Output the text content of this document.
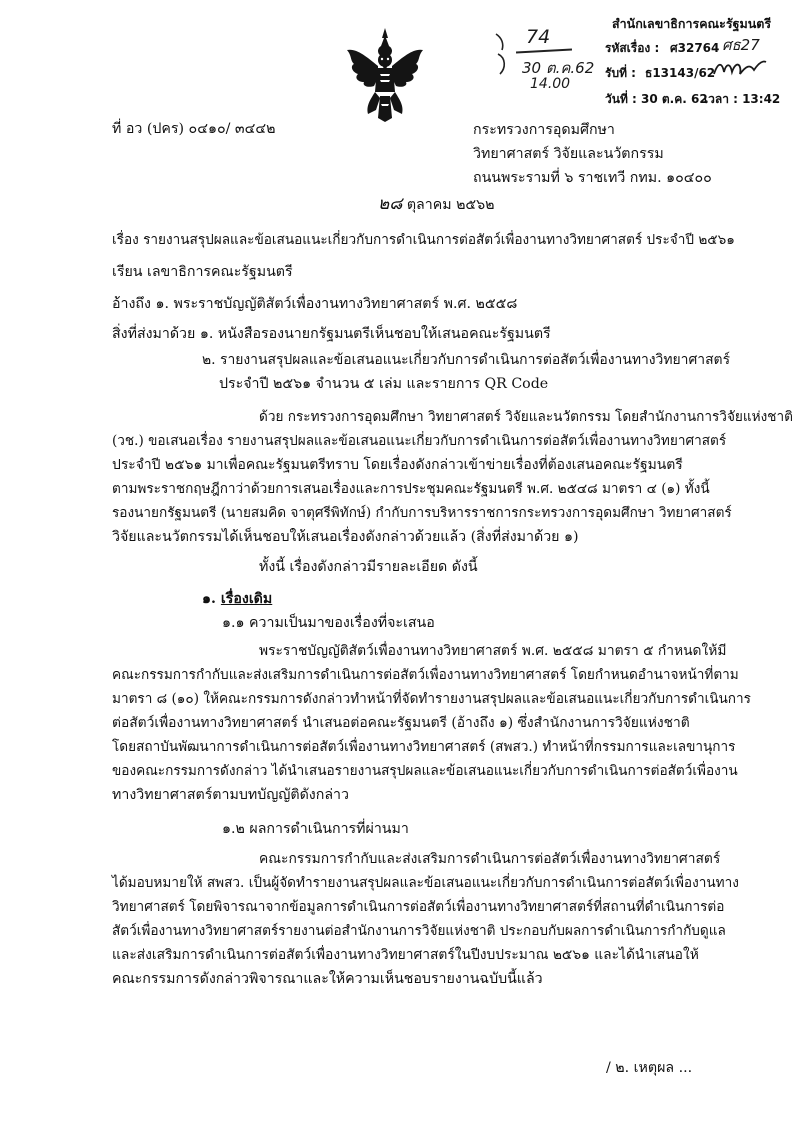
74
30 ต.ค.62
14.00
สำนักเลขาธิการคณะรัฐมนตรี
รหัสเรื่อง : ศ32764 ศธ27
รับที่ : ธ13143/62
วันที่ : 30 ต.ค. 62
เวลา : 13:42
ที่ อว (ปคร) ๐๔๑๐/ ๓๔๔๒	กระทรวงการอุดมศึกษา
วิทยาศาสตร์ วิจัยและนวัตกรรม
ถนนพระรามที่ ๖ ราชเทวี กทม. ๑๐๔๐๐
๒๘ ตุลาคม ๒๕๖๒
เรื่อง รายงานสรุปผลและข้อเสนอแนะเกี่ยวกับการดำเนินการต่อสัตว์เพื่องานทางวิทยาศาสตร์ ประจำปี ๒๕๖๑
เรียน เลขาธิการคณะรัฐมนตรี
อ้างถึง ๑. พระราชบัญญัติสัตว์เพื่องานทางวิทยาศาสตร์ พ.ศ. ๒๕๕๘
สิ่งที่ส่งมาด้วย ๑. หนังสือรองนายกรัฐมนตรีเห็นชอบให้เสนอคณะรัฐมนตรี
๒. รายงานสรุปผลและข้อเสนอแนะเกี่ยวกับการดำเนินการต่อสัตว์เพื่องานทางวิทยาศาสตร์
ประจำปี ๒๕๖๑ จำนวน ๕ เล่ม และรายการ QR Code
ด้วย กระทรวงการอุดมศึกษา วิทยาศาสตร์ วิจัยและนวัตกรรม โดยสำนักงานการวิจัยแห่งชาติ
(วช.) ขอเสนอเรื่อง รายงานสรุปผลและข้อเสนอแนะเกี่ยวกับการดำเนินการต่อสัตว์เพื่องานทางวิทยาศาสตร์
ประจำปี ๒๕๖๑ มาเพื่อคณะรัฐมนตรีทราบ โดยเรื่องดังกล่าวเข้าข่ายเรื่องที่ต้องเสนอคณะรัฐมนตรี
ตามพระราชกฤษฎีกาว่าด้วยการเสนอเรื่องและการประชุมคณะรัฐมนตรี พ.ศ. ๒๕๔๘ มาตรา ๔ (๑) ทั้งนี้
รองนายกรัฐมนตรี (นายสมคิด จาตุศรีพิทักษ์) กำกับการบริหารราชการกระทรวงการอุดมศึกษา วิทยาศาสตร์
วิจัยและนวัตกรรมได้เห็นชอบให้เสนอเรื่องดังกล่าวด้วยแล้ว (สิ่งที่ส่งมาด้วย ๑)
ทั้งนี้ เรื่องดังกล่าวมีรายละเอียด ดังนี้
๑. เรื่องเดิม
๑.๑ ความเป็นมาของเรื่องที่จะเสนอ
พระราชบัญญัติสัตว์เพื่องานทางวิทยาศาสตร์ พ.ศ. ๒๕๕๘ มาตรา ๕ กำหนดให้มี
คณะกรรมการกำกับและส่งเสริมการดำเนินการต่อสัตว์เพื่องานทางวิทยาศาสตร์ โดยกำหนดอำนาจหน้าที่ตาม
มาตรา ๘ (๑๐) ให้คณะกรรมการดังกล่าวทำหน้าที่จัดทำรายงานสรุปผลและข้อเสนอแนะเกี่ยวกับการดำเนินการ
ต่อสัตว์เพื่องานทางวิทยาศาสตร์ นำเสนอต่อคณะรัฐมนตรี (อ้างถึง ๑) ซึ่งสำนักงานการวิจัยแห่งชาติ
โดยสถาบันพัฒนาการดำเนินการต่อสัตว์เพื่องานทางวิทยาศาสตร์ (สพสว.) ทำหน้าที่กรรมการและเลขานุการ
ของคณะกรรมการดังกล่าว ได้นำเสนอรายงานสรุปผลและข้อเสนอแนะเกี่ยวกับการดำเนินการต่อสัตว์เพื่องาน
ทางวิทยาศาสตร์ตามบทบัญญัติดังกล่าว
๑.๒ ผลการดำเนินการที่ผ่านมา
คณะกรรมการกำกับและส่งเสริมการดำเนินการต่อสัตว์เพื่องานทางวิทยาศาสตร์
ได้มอบหมายให้ สพสว. เป็นผู้จัดทำรายงานสรุปผลและข้อเสนอแนะเกี่ยวกับการดำเนินการต่อสัตว์เพื่องานทาง
วิทยาศาสตร์ โดยพิจารณาจากข้อมูลการดำเนินการต่อสัตว์เพื่องานทางวิทยาศาสตร์ที่สถานที่ดำเนินการต่อ
สัตว์เพื่องานทางวิทยาศาสตร์รายงานต่อสำนักงานการวิจัยแห่งชาติ ประกอบกับผลการดำเนินการกำกับดูแล
และส่งเสริมการดำเนินการต่อสัตว์เพื่องานทางวิทยาศาสตร์ในปีงบประมาณ ๒๕๖๑ และได้นำเสนอให้
คณะกรรมการดังกล่าวพิจารณาและให้ความเห็นชอบรายงานฉบับนี้แล้ว
/ ๒. เหตุผล ...
